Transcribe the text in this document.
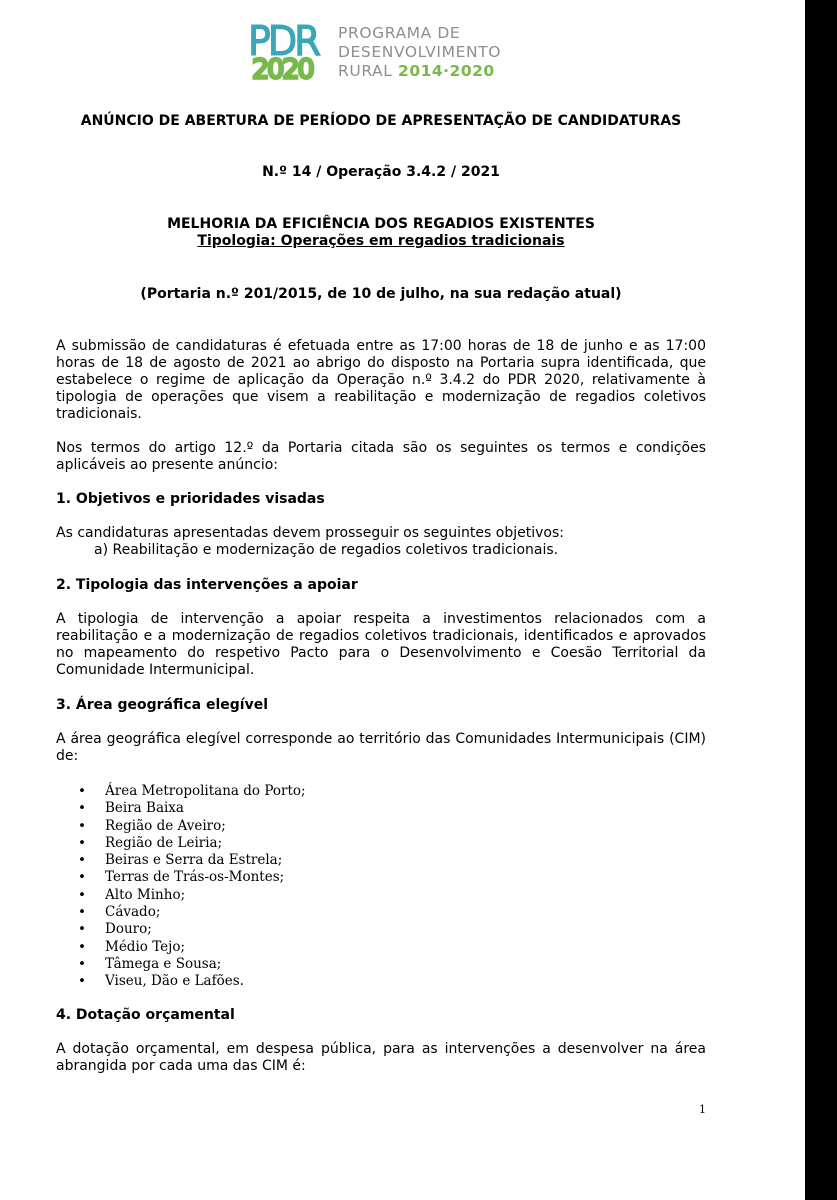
PDR
2020
PROGRAMA DE
DESENVOLVIMENTO
RURAL 2014·2020
ANÚNCIO DE ABERTURA DE PERÍODO DE APRESENTAÇÃO DE CANDIDATURAS
N.º 14 / Operação 3.4.2 / 2021
MELHORIA DA EFICIÊNCIA DOS REGADIOS EXISTENTES
Tipologia: Operações em regadios tradicionais
(Portaria n.º 201/2015, de 10 de julho, na sua redação atual)
A submissão de candidaturas é efetuada entre as 17:00 horas de 18 de junho e as 17:00 horas de 18 de agosto de 2021 ao abrigo do disposto na Portaria supra identificada, que estabelece o regime de aplicação da Operação n.º 3.4.2 do PDR 2020, relativamente à tipologia de operações que visem a reabilitação e modernização de regadios coletivos tradicionais.
Nos termos do artigo 12.º da Portaria citada são os seguintes os termos e condições aplicáveis ao presente anúncio:
1. Objetivos e prioridades visadas
As candidaturas apresentadas devem prosseguir os seguintes objetivos:
a) Reabilitação e modernização de regadios coletivos tradicionais.
2. Tipologia das intervenções a apoiar
A tipologia de intervenção a apoiar respeita a investimentos relacionados com a reabilitação e a modernização de regadios coletivos tradicionais, identificados e aprovados no mapeamento do respetivo Pacto para o Desenvolvimento e Coesão Territorial da Comunidade Intermunicipal.
3. Área geográfica elegível
A área geográfica elegível corresponde ao território das Comunidades Intermunicipais (CIM) de:
• Área Metropolitana do Porto;
• Beira Baixa
• Região de Aveiro;
• Região de Leiria;
• Beiras e Serra da Estrela;
• Terras de Trás-os-Montes;
• Alto Minho;
• Cávado;
• Douro;
• Médio Tejo;
• Tâmega e Sousa;
• Viseu, Dão e Lafões.
4. Dotação orçamental
A dotação orçamental, em despesa pública, para as intervenções a desenvolver na área abrangida por cada uma das CIM é:
1
